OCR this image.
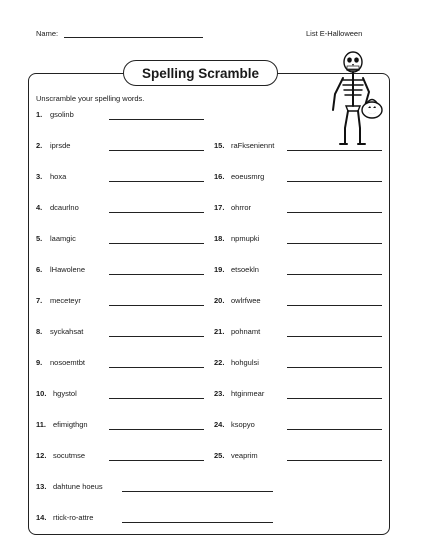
Name:	List E-Halloween
Spelling Scramble
Unscramble your spelling words.
1. gsolinb
2. iprsde
3. hoxa
4. dcaurlno
5. laamgic
6. lHawolene
7. meceteyr
8. syckahsat
9. nosoemtbt
10. hgystol
11. efimigthgn
12. socutmse
13. dahtune hoeus
14. rtick-ro-attre
15. raFkseniennt
16. eoeusmrg
17. ohrror
18. npmupki
19. etsoekln
20. owlrfwee
21. pohnamt
22. hohgulsi
23. htginmear
24. ksopyo
25. veaprim
